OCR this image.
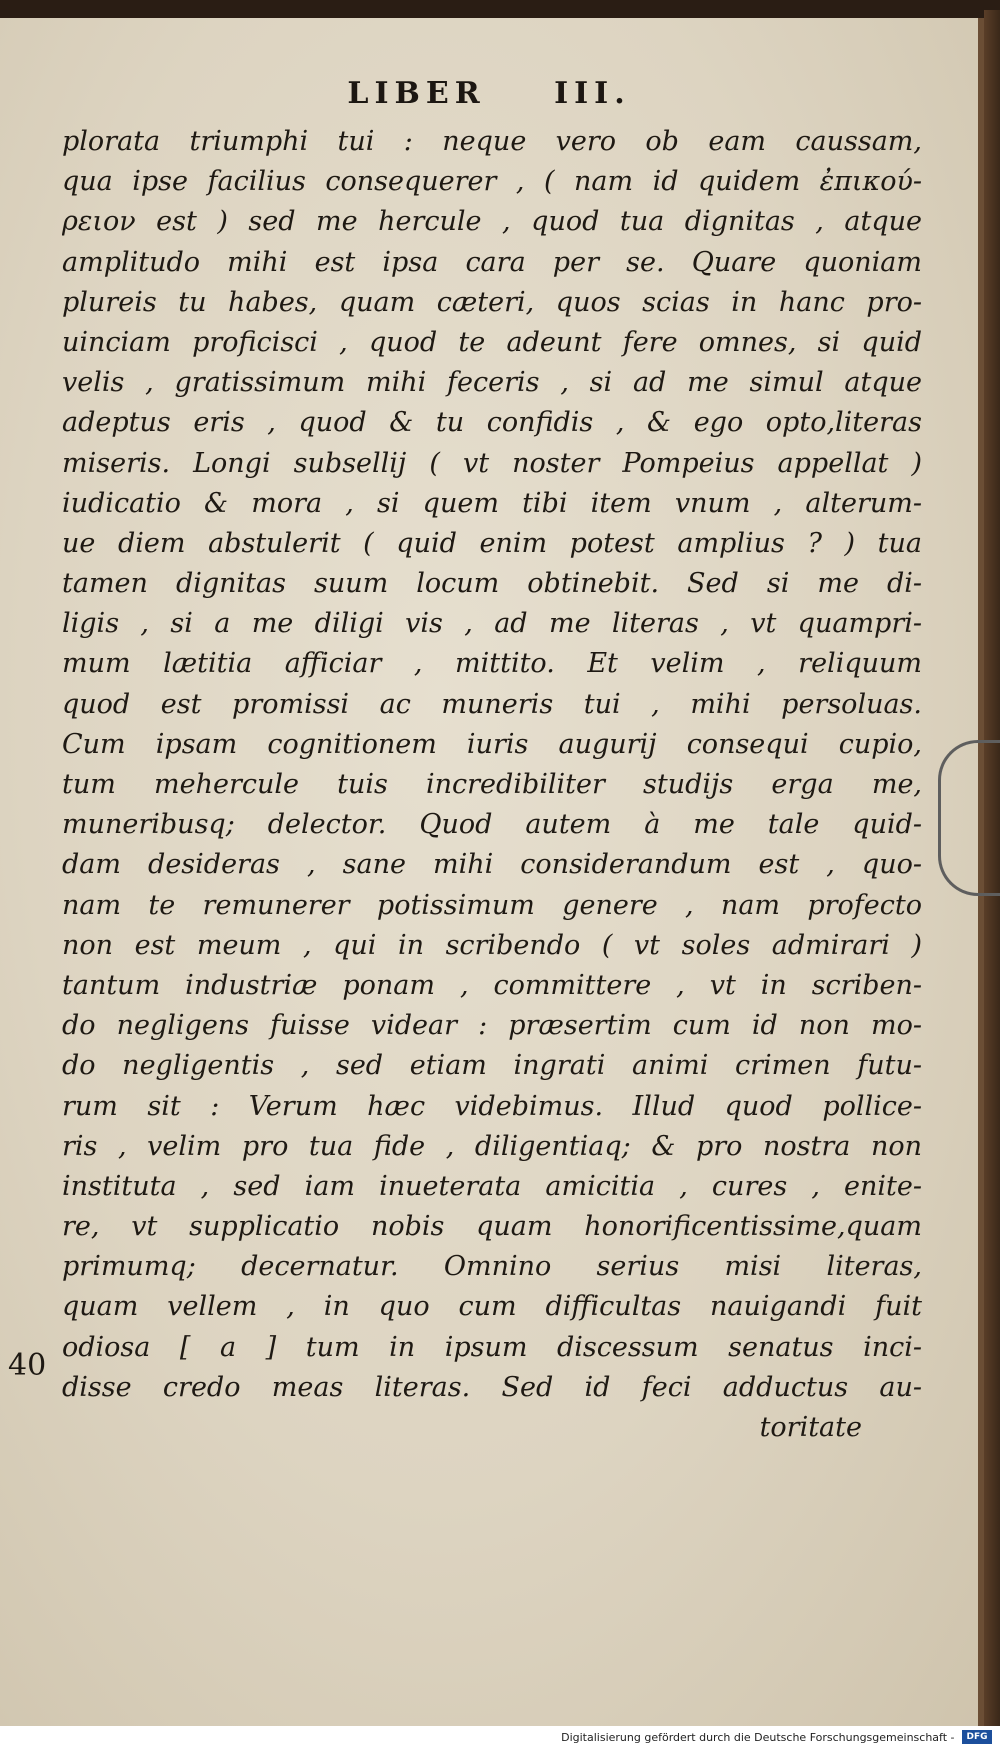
LIBER III.
plorata triumphi tui : neque vero ob eam caussam,
qua ipse facilius consequerer , ( nam id quidem ἐπικού-
ρειον est ) sed me hercule , quod tua dignitas , atque
amplitudo mihi est ipsa cara per se. Quare quoniam
plureis tu habes, quam cæteri, quos scias in hanc pro-
uinciam proficisci , quod te adeunt fere omnes, si quid
velis , gratissimum mihi feceris , si ad me simul atque
adeptus eris , quod & tu confidis , & ego opto,literas
miseris. Longi subsellij ( vt noster Pompeius appellat )
iudicatio & mora , si quem tibi item vnum , alterum-
ue diem abstulerit ( quid enim potest amplius ? ) tua
tamen dignitas suum locum obtinebit. Sed si me di-
ligis , si a me diligi vis , ad me literas , vt quampri-
mum lætitia afficiar , mittito. Et velim , reliquum
quod est promissi ac muneris tui , mihi persoluas.
Cum ipsam cognitionem iuris augurij consequi cupio,
tum mehercule tuis incredibiliter studijs erga me,
muneribusq; delector. Quod autem à me tale quid-
dam desideras , sane mihi considerandum est , quo-
nam te remunerer potissimum genere , nam profecto
non est meum , qui in scribendo ( vt soles admirari )
tantum industriæ ponam , committere , vt in scriben-
do negligens fuisse videar : præsertim cum id non mo-
do negligentis , sed etiam ingrati animi crimen futu-
rum sit : Verum hæc videbimus. Illud quod pollice-
ris , velim pro tua fide , diligentiaq; & pro nostra non
instituta , sed iam inueterata amicitia , cures , enite-
re, vt supplicatio nobis quam honorificentissime,quam
primumq; decernatur. Omnino serius misi literas,
quam vellem , in quo cum difficultas nauigandi fuit
odiosa [ a ] tum in ipsum discessum senatus inci-
disse credo meas literas. Sed id feci adductus au-
toritate
40
Digitalisierung gefördert durch die Deutsche Forschungsgemeinschaft - DFG
